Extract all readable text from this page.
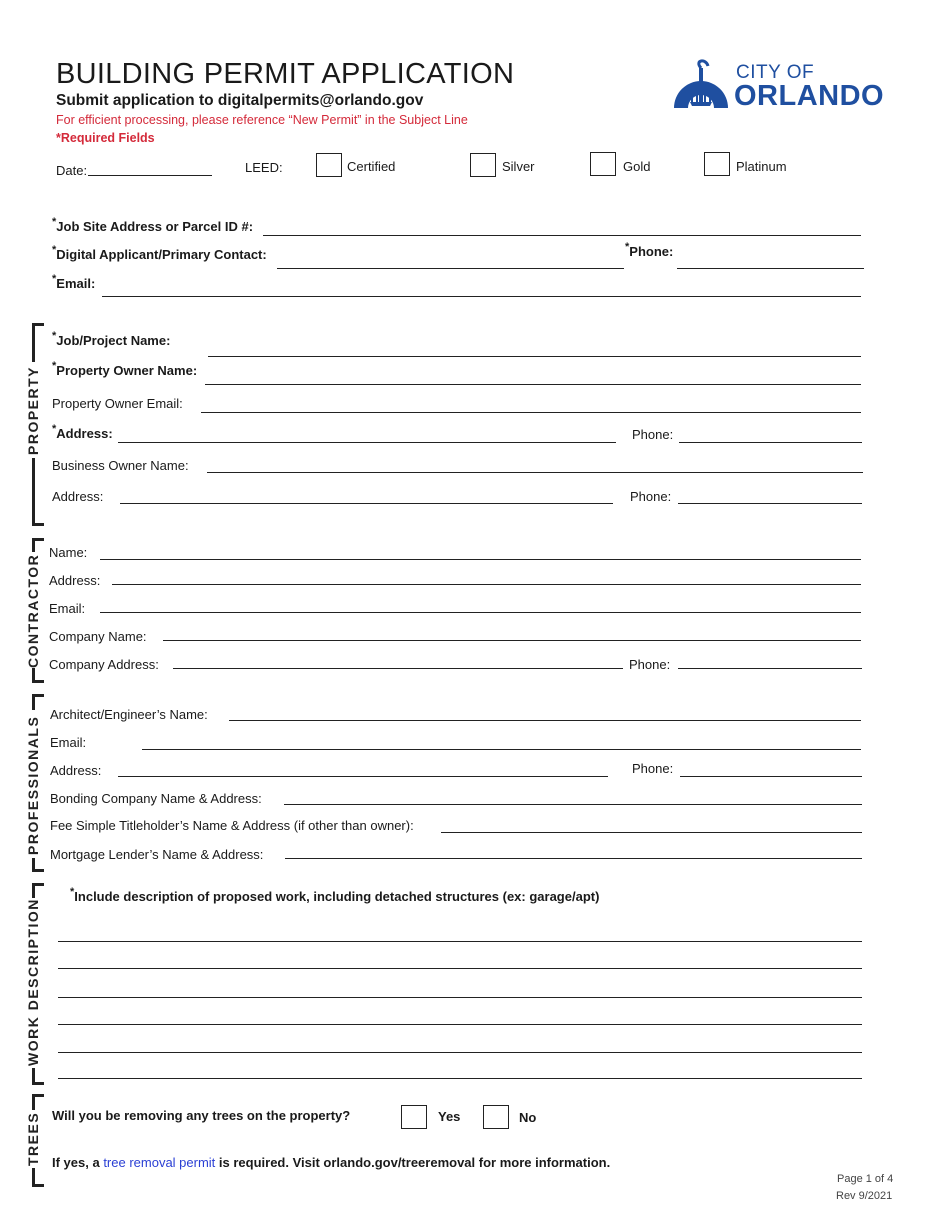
BUILDING PERMIT APPLICATION
Submit application to digitalpermits@orlando.gov
For efficient processing, please reference “New Permit” in the Subject Line
*Required Fields
CITY OF
ORLANDO
Date:	LEED:	Certified	Silver	Gold	Platinum
*Job Site Address or Parcel ID #:
*Digital Applicant/Primary Contact:	*Phone:
*Email:
PROPERTY
*Job/Project Name:
*Property Owner Name:
Property Owner Email:
*Address:	Phone:
Business Owner Name:
Address:	Phone:
CONTRACTOR
Name:
Address:
Email:
Company Name:
Company Address:	Phone:
PROFESSIONALS
Architect/Engineer’s Name:
Email:
Address:	Phone:
Bonding Company Name & Address:
Fee Simple Titleholder’s Name & Address (if other than owner):
Mortgage Lender’s Name & Address:
WORK DESCRIPTION
*Include description of proposed work, including detached structures (ex: garage/apt)
TREES Will you be removing any trees on the property?	Yes	No
If yes, a tree removal permit is required. Visit orlando.gov/treeremoval for more information.
Page 1 of 4
Rev 9/2021
